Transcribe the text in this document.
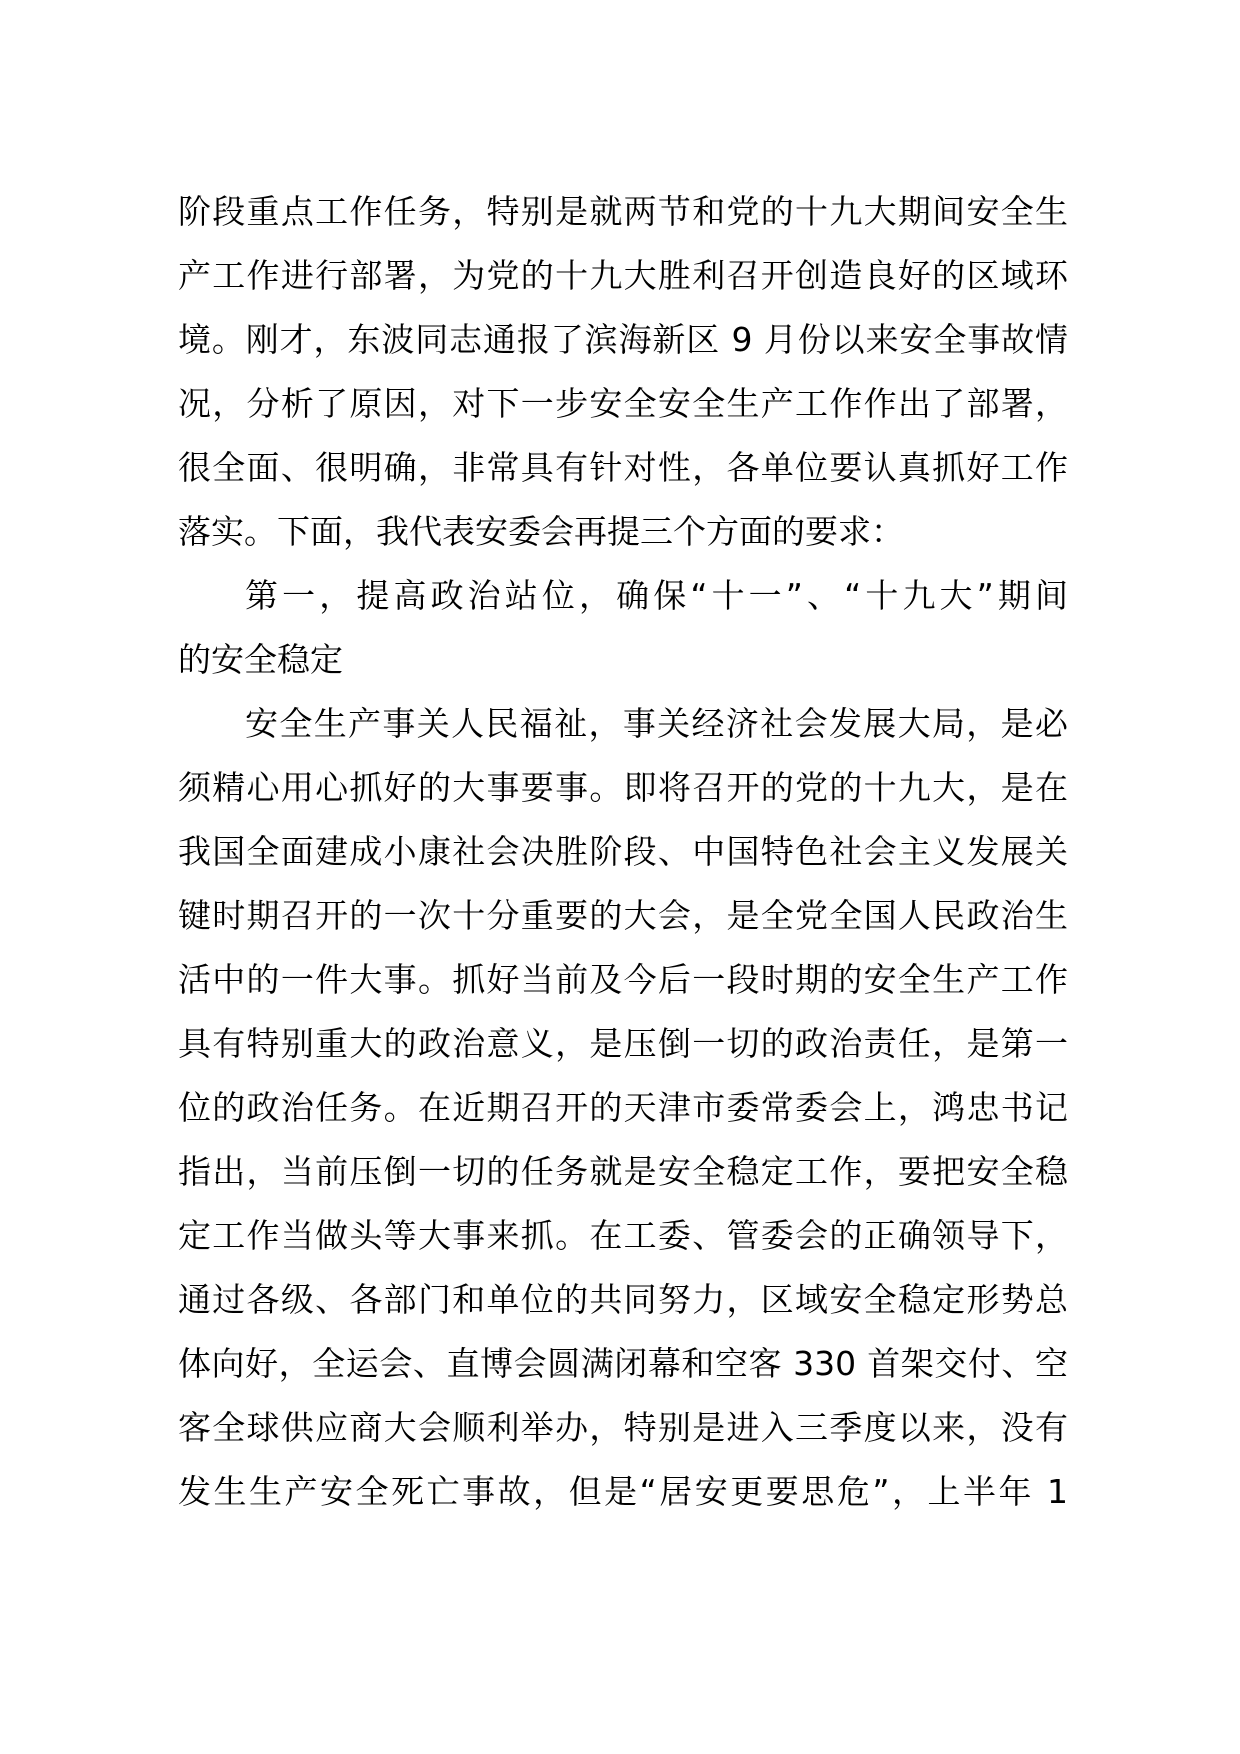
阶段重点工作任务，特别是就两节和党的十九大期间安全生
产工作进行部署，为党的十九大胜利召开创造良好的区域环
境。刚才，东波同志通报了滨海新区 9 月份以来安全事故情
况，分析了原因，对下一步安全安全生产工作作出了部署，
很全面、很明确，非常具有针对性，各单位要认真抓好工作
落实。下面，我代表安委会再提三个方面的要求：
第一，提高政治站位，确保“十一”、“十九大”期间
的安全稳定
安全生产事关人民福祉，事关经济社会发展大局，是必
须精心用心抓好的大事要事。即将召开的党的十九大，是在
我国全面建成小康社会决胜阶段、中国特色社会主义发展关
键时期召开的一次十分重要的大会，是全党全国人民政治生
活中的一件大事。抓好当前及今后一段时期的安全生产工作
具有特别重大的政治意义，是压倒一切的政治责任，是第一
位的政治任务。在近期召开的天津市委常委会上，鸿忠书记
指出，当前压倒一切的任务就是安全稳定工作，要把安全稳
定工作当做头等大事来抓。在工委、管委会的正确领导下，
通过各级、各部门和单位的共同努力，区域安全稳定形势总
体向好，全运会、直博会圆满闭幕和空客 330 首架交付、空
客全球供应商大会顺利举办，特别是进入三季度以来，没有
发生生产安全死亡事故，但是“居安更要思危”，上半年 1
